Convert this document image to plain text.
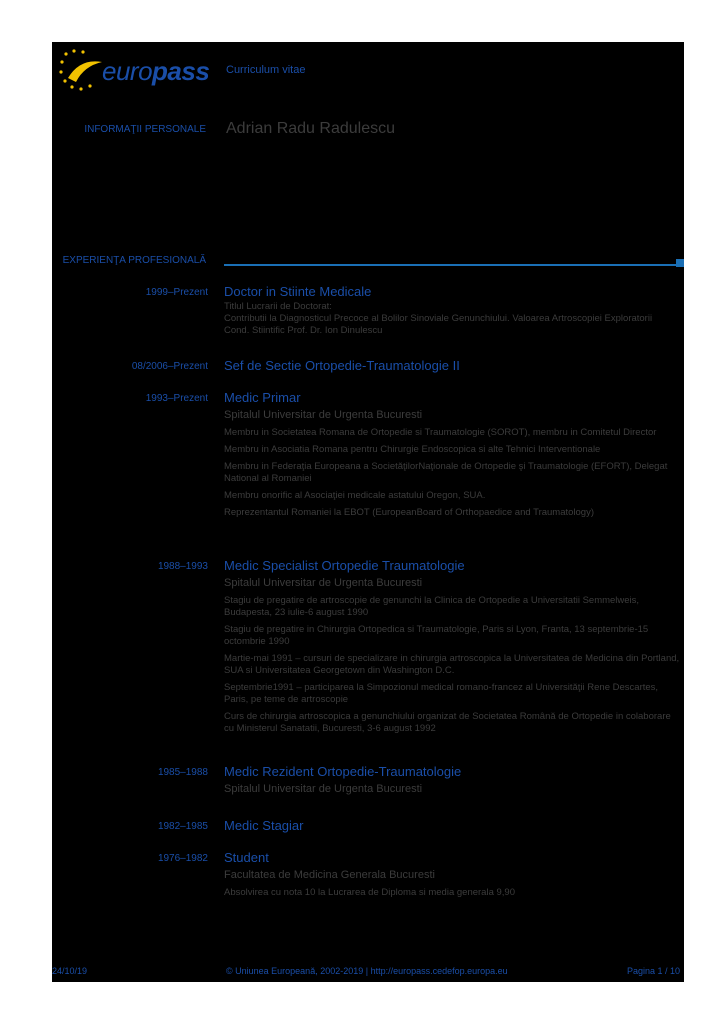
europass Curriculum vitae
INFORMAŢII PERSONALE Adrian Radu Radulescu
EXPERIENŢA PROFESIONALĂ
1999–Prezent Doctor in Stiinte Medicale
Titlul Lucrarii de Doctorat:
Contributii la Diagnosticul Precoce al Bolilor Sinoviale Genunchiului. Valoarea Artroscopiei Exploratorii
Cond. Stiintific Prof. Dr. Ion Dinulescu
08/2006–Prezent Sef de Sectie Ortopedie-Traumatologie II
1993–Prezent Medic Primar
Spitalul Universitar de Urgenta Bucuresti
Membru in Societatea Romana de Ortopedie si Traumatologie (SOROT), membru in Comitetul Director
Membru in Asociatia Romana pentru Chirurgie Endoscopica si alte Tehnici Interventionale
Membru in Federaţia Europeana a SocietăţilorNaţionale de Ortopedie şi Traumatologie (EFORT), Delegat National al Romaniei
Membru onorific al Asociaţiei medicale astatului Oregon, SUA.
Reprezentantul Romaniei la EBOT (EuropeanBoard of Orthopaedice and Traumatology)
1988–1993 Medic Specialist Ortopedie Traumatologie
Spitalul Universitar de Urgenta Bucuresti
Stagiu de pregatire de artroscopie de genunchi la Clinica de Ortopedie a Universitatii Semmelweis, Budapesta, 23 iulie-6 august 1990
Stagiu de pregatire in Chirurgia Ortopedica si Traumatologie, Paris si Lyon, Franta, 13 septembrie-15 octombrie 1990
Martie-mai 1991 – cursuri de specializare in chirurgia artroscopica la Universitatea de Medicina din Portland, SUA si Universitatea Georgetown din Washington D.C.
Septembrie1991 – participarea la Simpozionul medical romano-francez al Universităţii Rene Descartes, Paris, pe teme de artroscopie
Curs de chirurgia artroscopica a genunchiului organizat de Societatea Română de Ortopedie in colaborare cu Ministerul Sanatatii, Bucuresti, 3-6 august 1992
1985–1988 Medic Rezident Ortopedie-Traumatologie
Spitalul Universitar de Urgenta Bucuresti
1982–1985 Medic Stagiar
1976–1982 Student
Facultatea de Medicina Generala Bucuresti
Absolvirea cu nota 10 la Lucrarea de Diploma si media generala 9,90
24/10/19	© Uniunea Europeană, 2002-2019 | http://europass.cedefop.europa.eu	Pagina 1 / 10
